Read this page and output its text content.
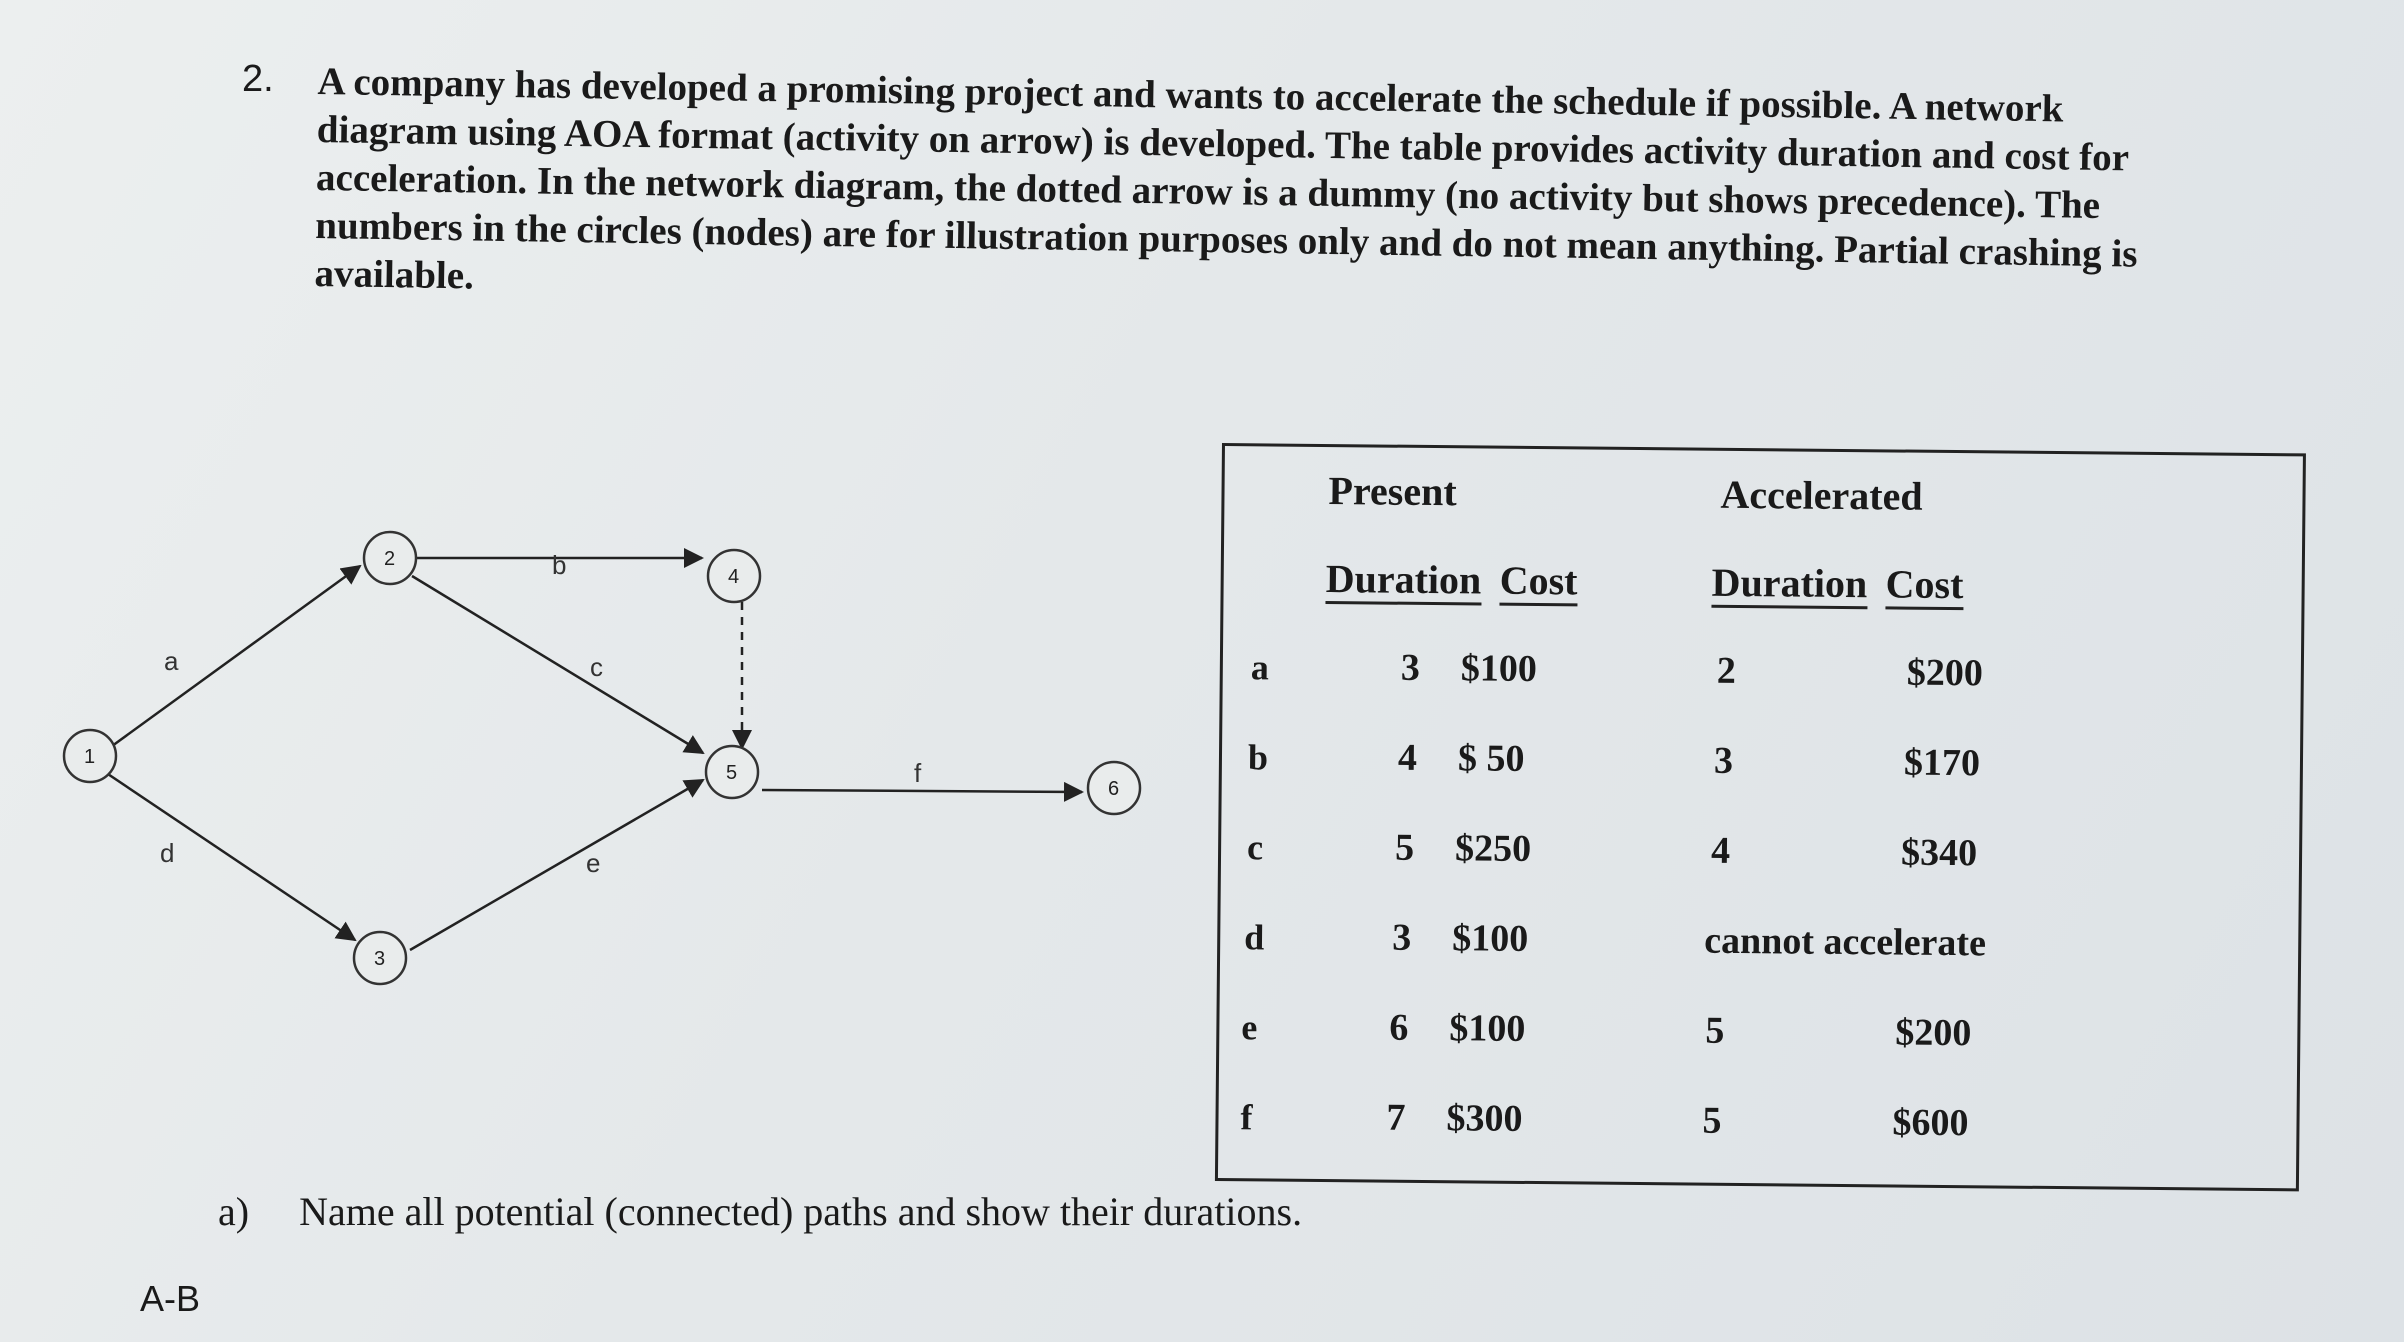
2. A company has developed a promising project and wants to accelerate the schedule if possible. A network diagram using AOA format (activity on arrow) is developed. The table provides activity duration and cost for acceleration. In the network diagram, the dotted arrow is a dummy (no activity but shows precedence). The numbers in the circles (nodes) are for illustration purposes only and do not mean anything. Partial crashing is available.
1
2
3
4
5
6
a
b
c
d	e
f
Present	Accelerated
Duration Cost	Duration Cost
a	3 $100	2	$200
b	4 $ 50	3	$170
c	5 $250	4	$340
d	3 $100	cannot accelerate
e	6 $100	5	$200
f	7 $300	5	$600
a) Name all potential (connected) paths and show their durations.
A-B
